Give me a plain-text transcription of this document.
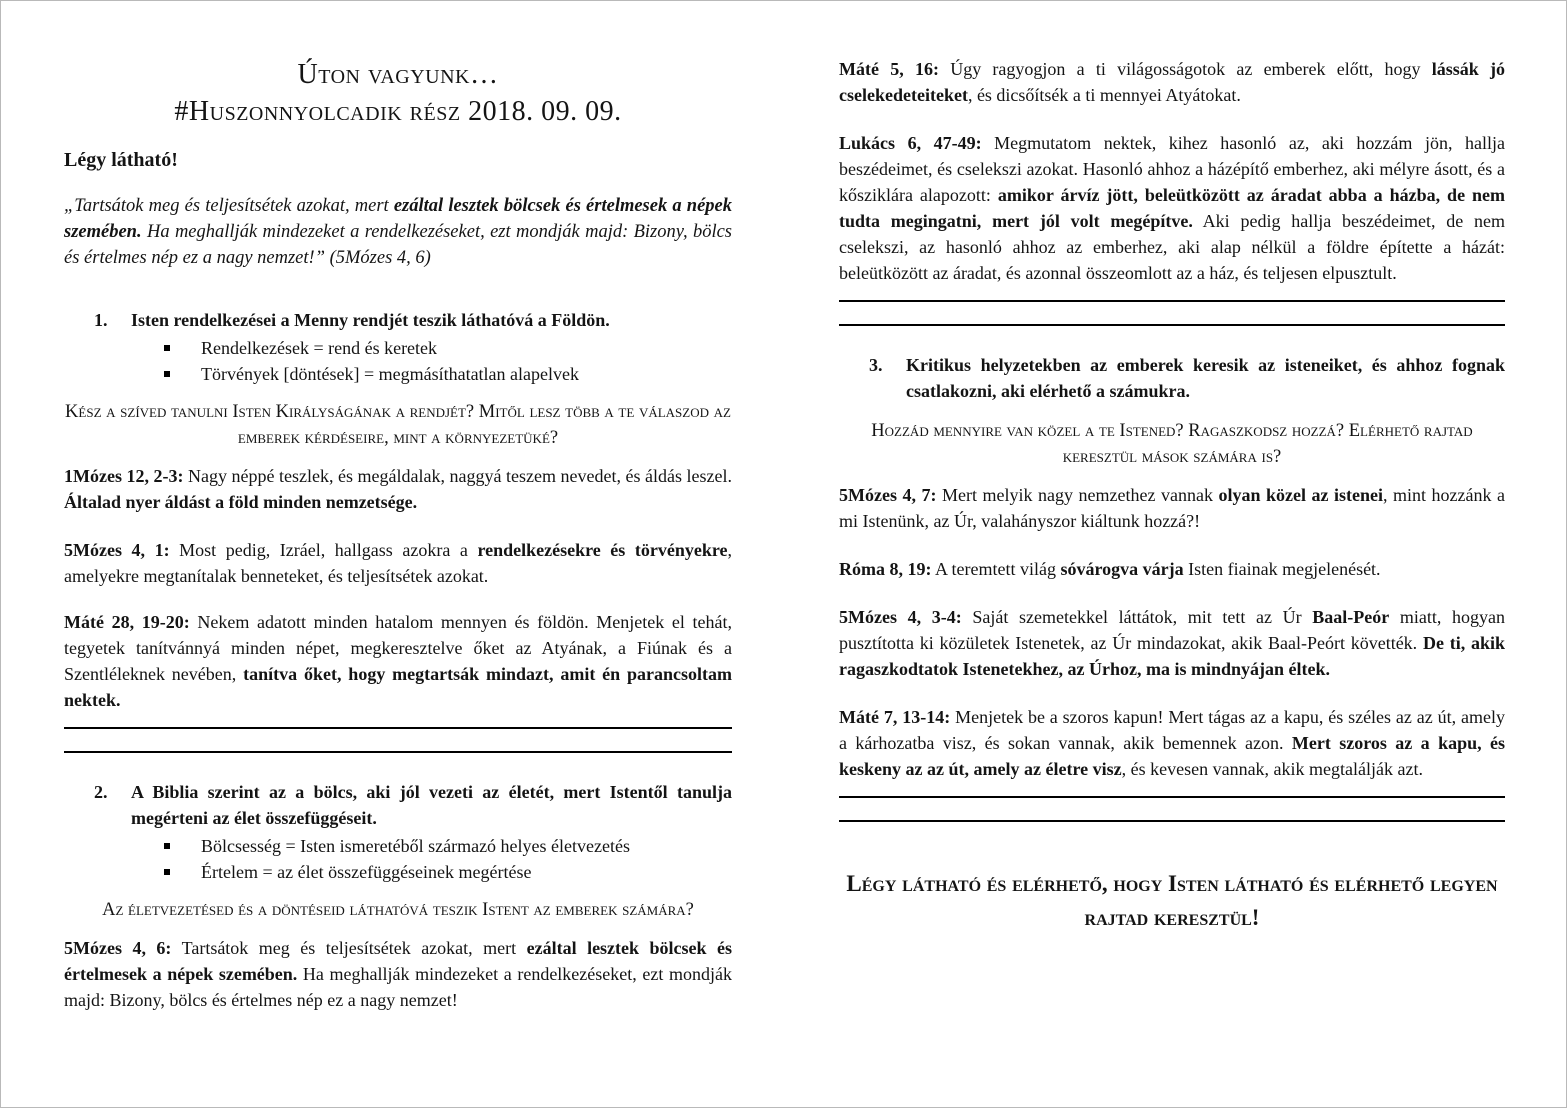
Úton vagyunk…
#Huszonnyolcadik rész 2018. 09. 09.

Légy látható!

„Tartsátok meg és teljesítsétek azokat, mert ezáltal lesztek bölcsek és értelmesek a népek szemében. Ha meghallják mindezeket a rendelkezéseket, ezt mondják majd: Bizony, bölcs és értelmes nép ez a nagy nemzet!” (5Mózes 4, 6)

1.	Isten rendelkezései a Menny rendjét teszik láthatóvá a Földön.
Rendelkezések = rend és keretek
Törvények [döntések] = megmásíthatatlan alapelvek

Kész a szíved tanulni Isten Királyságának a rendjét? Mitől lesz több a te válaszod az emberek kérdéseire, mint a környezetüké?

1Mózes 12, 2-3: Nagy néppé teszlek, és megáldalak, naggyá teszem nevedet, és áldás leszel. Általad nyer áldást a föld minden nemzetsége.

5Mózes 4, 1: Most pedig, Izráel, hallgass azokra a rendelkezésekre és törvényekre, amelyekre megtanítalak benneteket, és teljesítsétek azokat.

Máté 28, 19-20: Nekem adatott minden hatalom mennyen és földön. Menjetek el tehát, tegyetek tanítvánnyá minden népet, megkeresztelve őket az Atyának, a Fiúnak és a Szentléleknek nevében, tanítva őket, hogy megtartsák mindazt, amit én parancsoltam nektek.

2.	A Biblia szerint az a bölcs, aki jól vezeti az életét, mert Istentől tanulja megérteni az élet összefüggéseit.
Bölcsesség = Isten ismeretéből származó helyes életvezetés
Értelem = az élet összefüggéseinek megértése

Az életvezetésed és a döntéseid láthatóvá teszik Istent az emberek számára?

5Mózes 4, 6: Tartsátok meg és teljesítsétek azokat, mert ezáltal lesztek bölcsek és értelmesek a népek szemében. Ha meghallják mindezeket a rendelkezéseket, ezt mondják majd: Bizony, bölcs és értelmes nép ez a nagy nemzet!

Máté 5, 16: Úgy ragyogjon a ti világosságotok az emberek előtt, hogy lássák jó cselekedeteiteket, és dicsőítsék a ti mennyei Atyátokat.

Lukács 6, 47-49: Megmutatom nektek, kihez hasonló az, aki hozzám jön, hallja beszédeimet, és cselekszi azokat. Hasonló ahhoz a házépítő emberhez, aki mélyre ásott, és a kősziklára alapozott: amikor árvíz jött, beleütközött az áradat abba a házba, de nem tudta megingatni, mert jól volt megépítve. Aki pedig hallja beszédeimet, de nem cselekszi, az hasonló ahhoz az emberhez, aki alap nélkül a földre építette a házát: beleütközött az áradat, és azonnal összeomlott az a ház, és teljesen elpusztult.

3.	Kritikus helyzetekben az emberek keresik az isteneiket, és ahhoz fognak csatlakozni, aki elérhető a számukra.

Hozzád mennyire van közel a te Istened? Ragaszkodsz hozzá? Elérhető rajtad keresztül mások számára is?

5Mózes 4, 7: Mert melyik nagy nemzethez vannak olyan közel az istenei, mint hozzánk a mi Istenünk, az Úr, valahányszor kiáltunk hozzá?!

Róma 8, 19: A teremtett világ sóvárogva várja Isten fiainak megjelenését.

5Mózes 4, 3-4: Saját szemetekkel láttátok, mit tett az Úr Baal-Peór miatt, hogyan pusztította ki közületek Istenetek, az Úr mindazokat, akik Baal-Peórt követték. De ti, akik ragaszkodtatok Istenetekhez, az Úrhoz, ma is mindnyájan éltek.

Máté 7, 13-14: Menjetek be a szoros kapun! Mert tágas az a kapu, és széles az az út, amely a kárhozatba visz, és sokan vannak, akik bemennek azon. Mert szoros az a kapu, és keskeny az az út, amely az életre visz, és kevesen vannak, akik megtalálják azt.

Légy látható és elérhető, hogy Isten látható és elérhető legyen rajtad keresztül!
